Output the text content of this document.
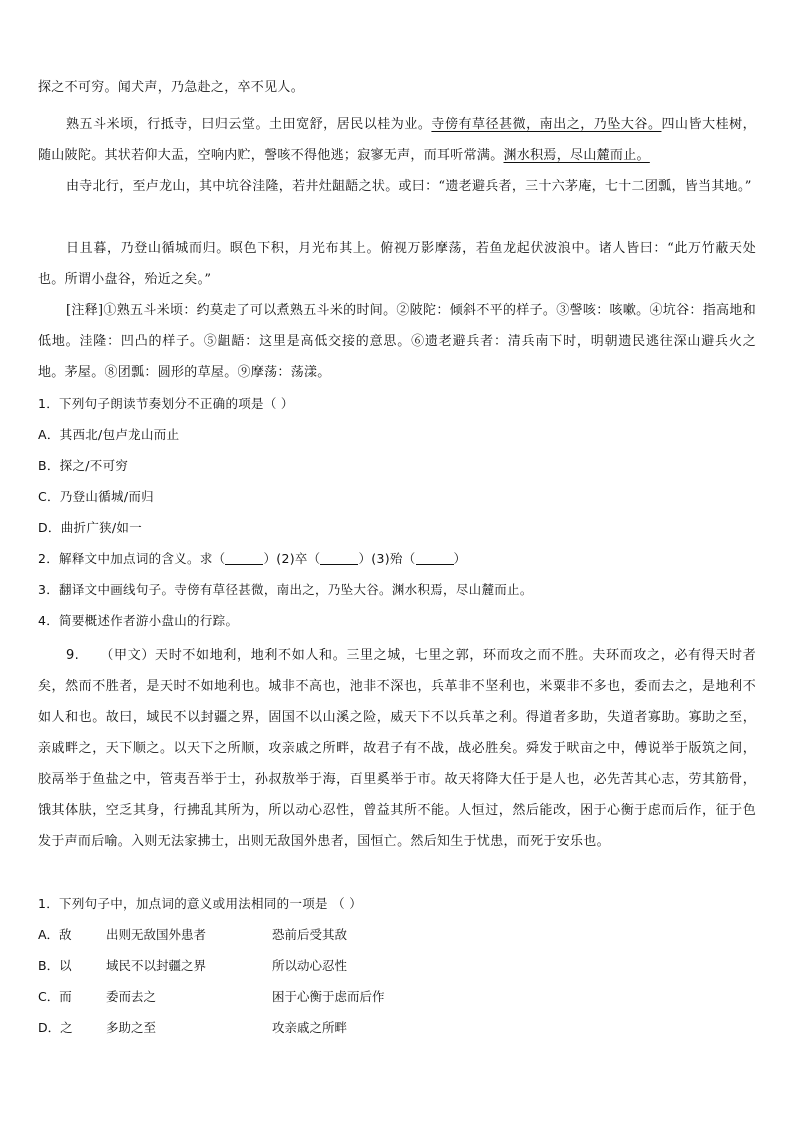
探之不可穷。闻犬声，乃急赴之，卒不见人。

熟五斗米顷，行抵寺，曰归云堂。土田宽舒，居民以桂为业。寺傍有草径甚微，南出之，乃坠大谷。四山皆大桂树，随山陂陀。其状若仰大盂，空响内贮，謦咳不得他逃；寂寥无声，而耳听常满。渊水积焉，尽山麓而止。

由寺北行，至卢龙山，其中坑谷洼隆，若井灶龃龉之状。或曰：“遗老避兵者，三十六茅庵，七十二团瓢，皆当其地。”

日且暮，乃登山循城而归。暝色下积，月光布其上。俯视万影摩荡，若鱼龙起伏波浪中。诸人皆曰：“此万竹蔽天处也。所谓小盘谷，殆近之矣。”

[注释]①熟五斗米顷：约莫走了可以煮熟五斗米的时间。②陂陀：倾斜不平的样子。③謦咳：咳嗽。④坑谷：指高地和低地。洼隆：凹凸的样子。⑤龃龉：这里是高低交接的意思。⑥遗老避兵者：清兵南下时，明朝遗民逃往深山避兵火之地。茅屋。⑧团瓢：圆形的草屋。⑨摩荡：荡漾。

1．下列句子朗读节奏划分不正确的项是（ ）

A．其西北/包卢龙山而止

B．探之/不可穷

C．乃登山循城/而归

D．曲折广狭/如一

2．解释文中加点词的含义。求（	）(2)卒（	）(3)殆（	）

3．翻译文中画线句子。寺傍有草径甚微，南出之，乃坠大谷。渊水积焉，尽山麓而止。

4．简要概述作者游小盘山的行踪。

9. （甲文）天时不如地利，地利不如人和。三里之城，七里之郭，环而攻之而不胜。夫环而攻之，必有得天时者矣，然而不胜者，是天时不如地利也。城非不高也，池非不深也，兵革非不坚利也，米粟非不多也，委而去之，是地利不如人和也。故曰，域民不以封疆之界，固国不以山溪之险，威天下不以兵革之利。得道者多助，失道者寡助。寡助之至，亲戚畔之，天下顺之。以天下之所顺，攻亲戚之所畔，故君子有不战，战必胜矣。舜发于畎亩之中，傅说举于版筑之间，胶鬲举于鱼盐之中，管夷吾举于士，孙叔敖举于海，百里奚举于市。故天将降大任于是人也，必先苦其心志，劳其筋骨，饿其体肤，空乏其身，行拂乱其所为，所以动心忍性，曾益其所不能。人恒过，然后能改，困于心衡于虑而后作，征于色发于声而后喻。入则无法家拂士，出则无敌国外患者，国恒亡。然后知生于忧患，而死于安乐也。

1．下列句子中，加点词的意义或用法相同的一项是 （ ）

A．敌	出则无敌国外患者	恐前后受其敌
B．以	域民不以封疆之界	所以动心忍性
C．而	委而去之	困于心衡于虑而后作
D．之	多助之至	攻亲戚之所畔
